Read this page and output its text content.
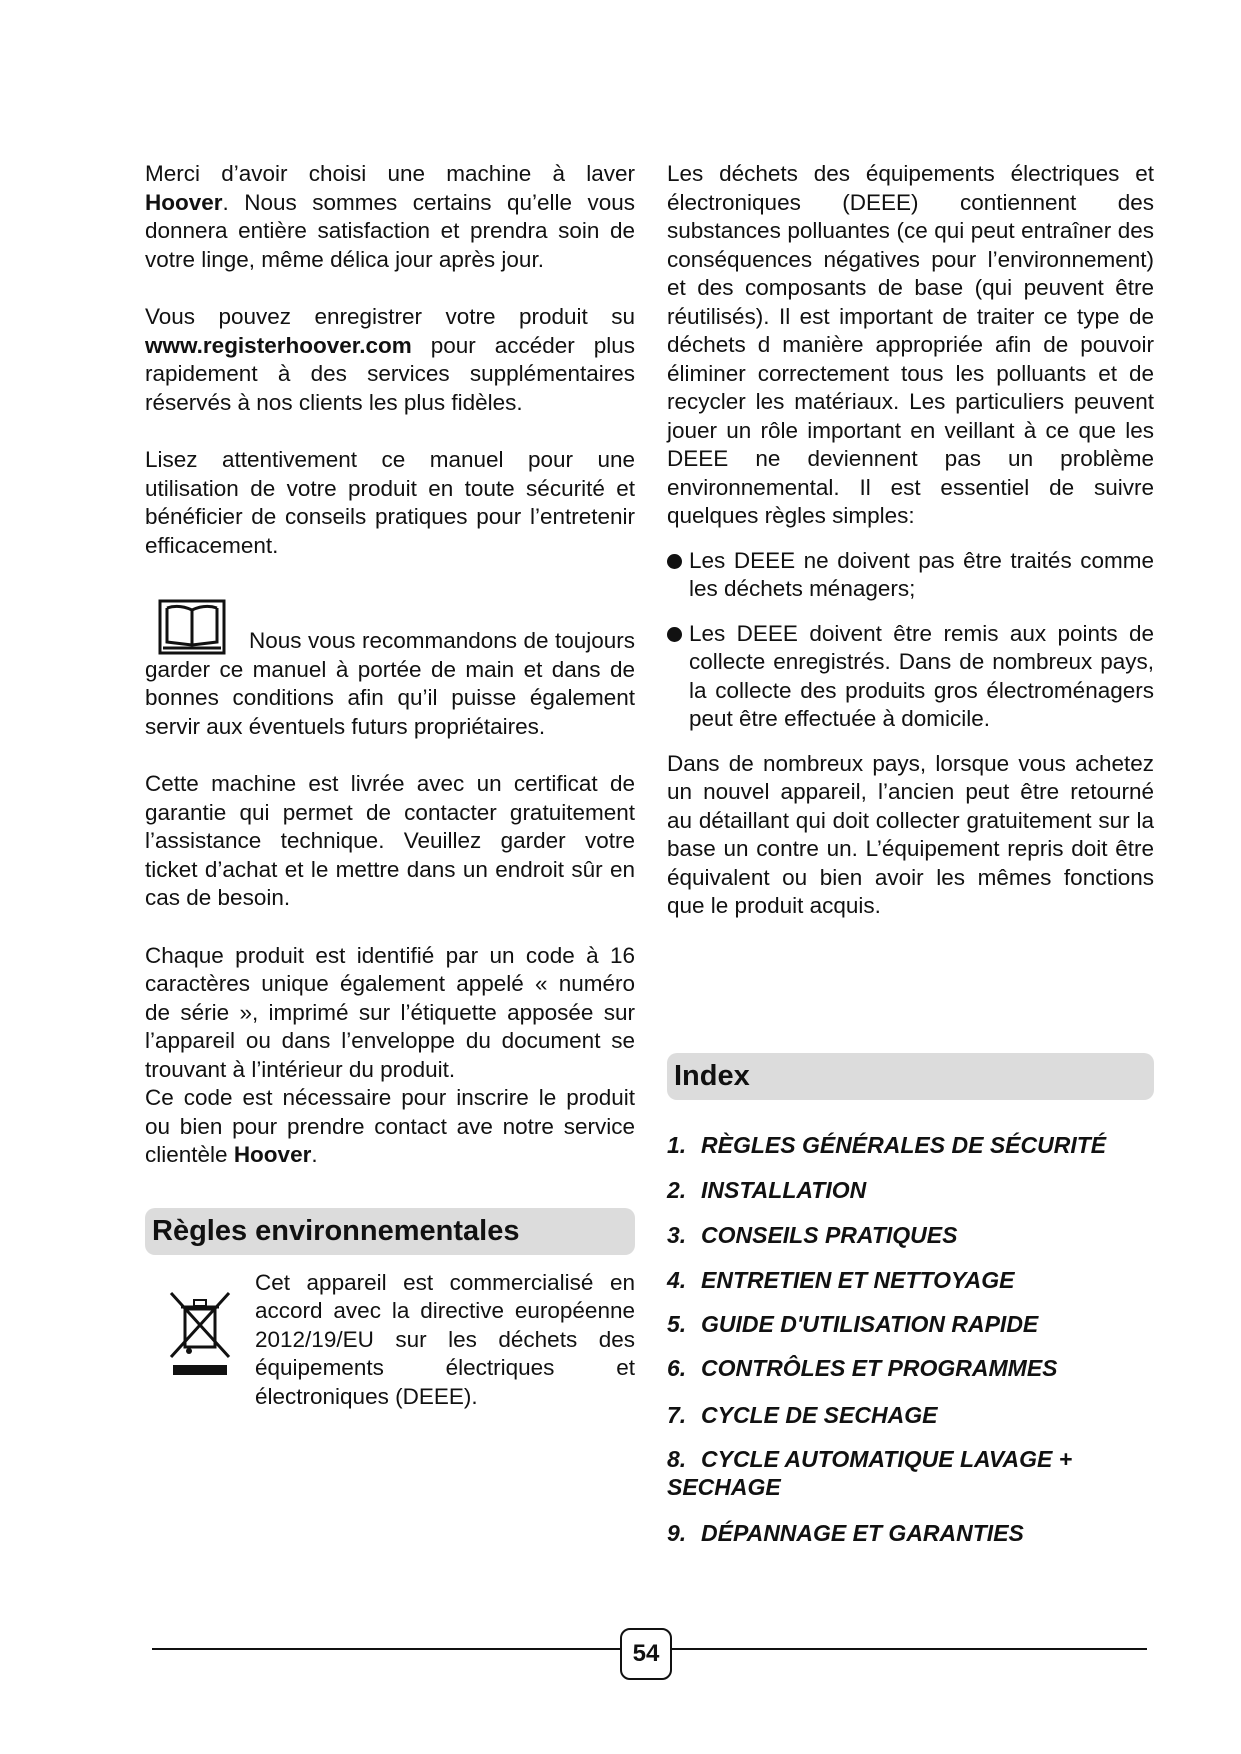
Merci d’avoir choisi une machine à laver Hoover. Nous sommes certains qu’elle vous donnera entière satisfaction et prendra soin de votre linge, même délica jour après jour.

Vous pouvez enregistrer votre produit su www.registerhoover.com pour accéder plus rapidement à des services supplémentaires réservés à nos clients les plus fidèles.

Lisez attentivement ce manuel pour une utilisation de votre produit en toute sécurité et bénéficier de conseils pratiques pour l’entretenir efficacement.

Nous vous recommandons de toujours garder ce manuel à portée de main et dans de bonnes conditions afin qu’il puisse également servir aux éventuels futurs propriétaires.

Cette machine est livrée avec un certificat de garantie qui permet de contacter gratuitement l’assistance technique. Veuillez garder votre ticket d’achat et le mettre dans un endroit sûr en cas de besoin.

Chaque produit est identifié par un code à 16 caractères unique également appelé « numéro de série », imprimé sur l’étiquette apposée sur l’appareil ou dans l’enveloppe du document se trouvant à l’intérieur du produit.

Ce code est nécessaire pour inscrire le produit ou bien pour prendre contact ave notre service clientèle Hoover.

Règles environnementales

Cet appareil est commercialisé en accord avec la directive européenne 2012/19/EU sur les déchets des équipements électriques et électroniques (DEEE).

Les déchets des équipements électriques et électroniques (DEEE) contiennent des substances polluantes (ce qui peut entraîner des conséquences négatives pour l’environnement) et des composants de base (qui peuvent être réutilisés). Il est important de traiter ce type de déchets d manière appropriée afin de pouvoir éliminer correctement tous les polluants et de recycler les matériaux. Les particuliers peuvent jouer un rôle important en veillant à ce que les DEEE ne deviennent pas un problème environnemental. Il est essentiel de suivre quelques règles simples:

Les DEEE ne doivent pas être traités comme les déchets ménagers;

Les DEEE doivent être remis aux points de collecte enregistrés. Dans de nombreux pays, la collecte des produits gros électroménagers peut être effectuée à domicile.

Dans de nombreux pays, lorsque vous achetez un nouvel appareil, l’ancien peut être retourné au détaillant qui doit collecter gratuitement sur la base un contre un. L’équipement repris doit être équivalent ou bien avoir les mêmes fonctions que le produit acquis.

Index
1. RÈGLES GÉNÉRALES DE SÉCURITÉ
2. INSTALLATION
3. CONSEILS PRATIQUES
4. ENTRETIEN ET NETTOYAGE
5. GUIDE D'UTILISATION RAPIDE
6. CONTRÔLES ET PROGRAMMES
7. CYCLE DE SECHAGE
8. CYCLE AUTOMATIQUE LAVAGE + SECHAGE
9. DÉPANNAGE ET GARANTIES
54
